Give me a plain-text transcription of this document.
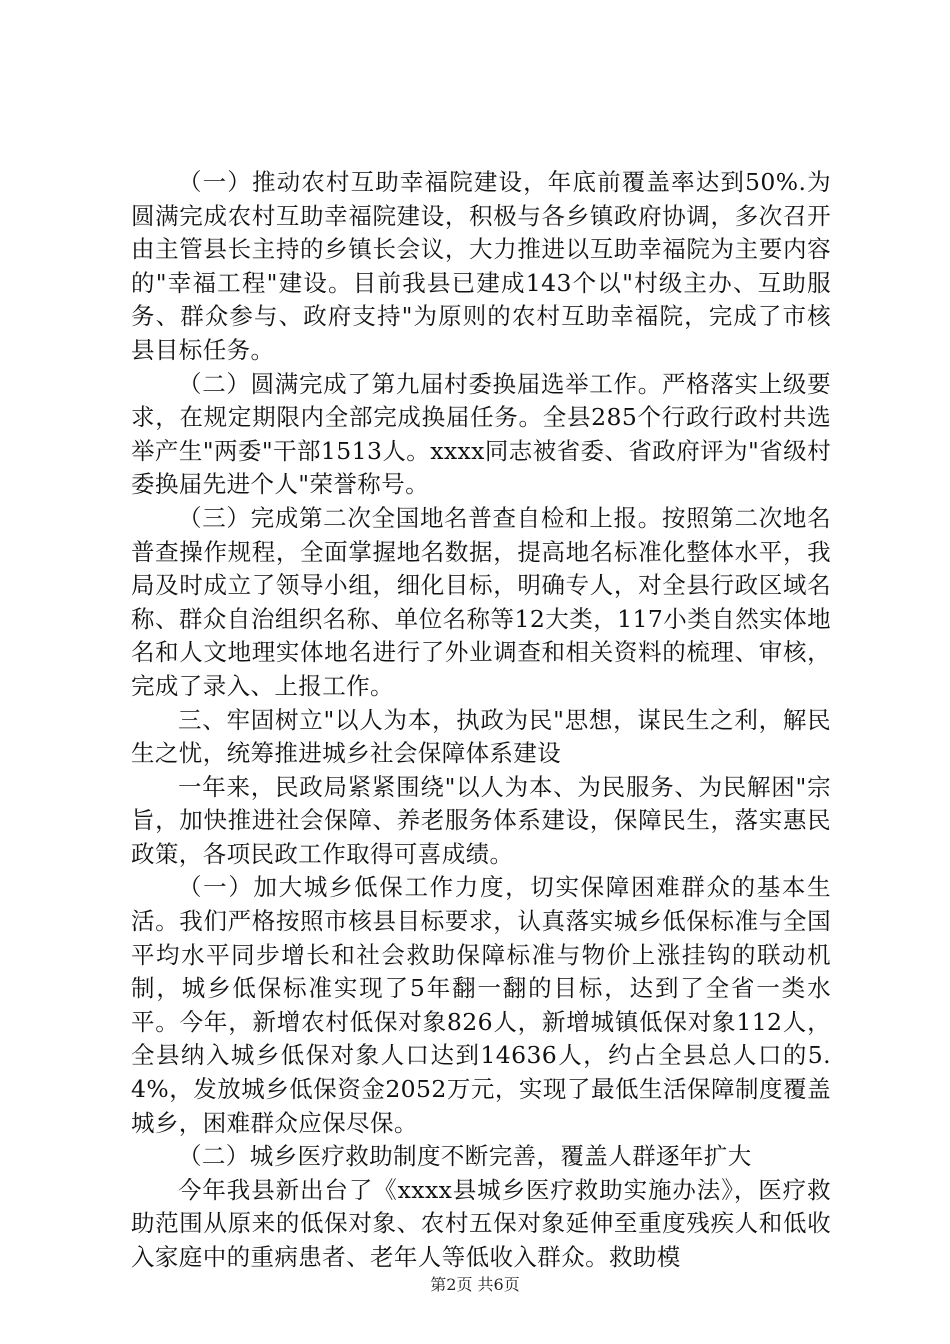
（一）推动农村互助幸福院建设，年底前覆盖率达到50%.为圆满完成农村互助幸福院建设，积极与各乡镇政府协调，多次召开由主管县长主持的乡镇长会议，大力推进以互助幸福院为主要内容的"幸福工程"建设。目前我县已建成143个以"村级主办、互助服务、群众参与、政府支持"为原则的农村互助幸福院，完成了市核县目标任务。

（二）圆满完成了第九届村委换届选举工作。严格落实上级要求，在规定期限内全部完成换届任务。全县285个行政行政村共选举产生"两委"干部1513人。xxxx同志被省委、省政府评为"省级村委换届先进个人"荣誉称号。

（三）完成第二次全国地名普查自检和上报。按照第二次地名普查操作规程，全面掌握地名数据，提高地名标准化整体水平，我局及时成立了领导小组，细化目标，明确专人，对全县行政区域名称、群众自治组织名称、单位名称等12大类，117小类自然实体地名和人文地理实体地名进行了外业调查和相关资料的梳理、审核，完成了录入、上报工作。

三、牢固树立"以人为本，执政为民"思想，谋民生之利，解民生之忧，统筹推进城乡社会保障体系建设

一年来，民政局紧紧围绕"以人为本、为民服务、为民解困"宗旨，加快推进社会保障、养老服务体系建设，保障民生，落实惠民政策，各项民政工作取得可喜成绩。

（一）加大城乡低保工作力度，切实保障困难群众的基本生活。我们严格按照市核县目标要求，认真落实城乡低保标准与全国平均水平同步增长和社会救助保障标准与物价上涨挂钩的联动机制，城乡低保标准实现了5年翻一翻的目标，达到了全省一类水平。今年，新增农村低保对象826人，新增城镇低保对象112人，全县纳入城乡低保对象人口达到14636人，约占全县总人口的5.4%，发放城乡低保资金2052万元，实现了最低生活保障制度覆盖城乡，困难群众应保尽保。

（二）城乡医疗救助制度不断完善，覆盖人群逐年扩大

今年我县新出台了《xxxx县城乡医疗救助实施办法》，医疗救助范围从原来的低保对象、农村五保对象延伸至重度残疾人和低收入家庭中的重病患者、老年人等低收入群众。救助模

第2页 共6页
